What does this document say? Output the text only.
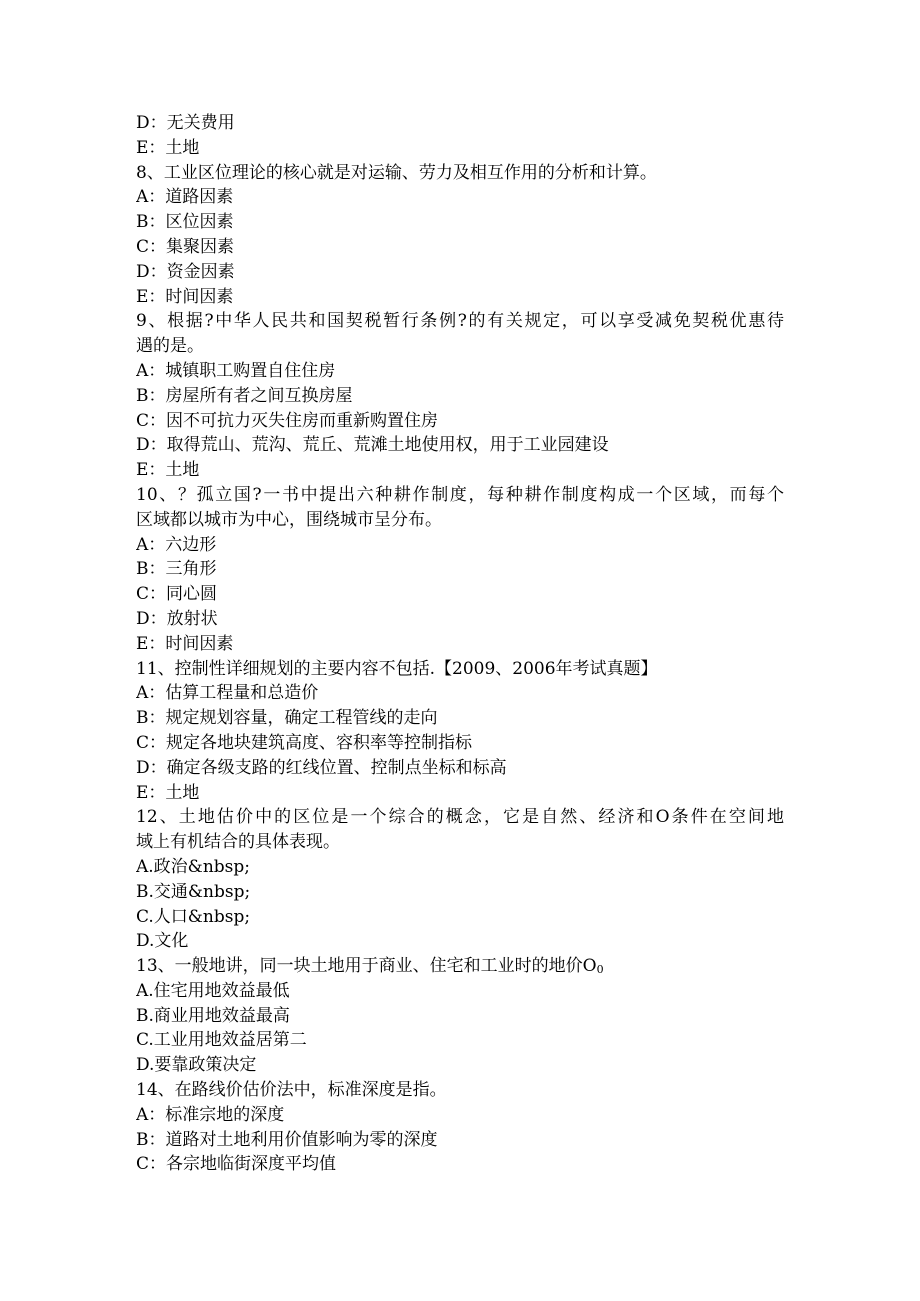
D：无关费用
E：土地
8、工业区位理论的核心就是对运输、劳力及相互作用的分析和计算。
A：道路因素
B：区位因素
C：集聚因素
D：资金因素
E：时间因素
9、根据?中华人民共和国契税暂行条例?的有关规定，可以享受减免契税优惠待
遇的是。
A：城镇职工购置自住住房
B：房屋所有者之间互换房屋
C：因不可抗力灭失住房而重新购置住房
D：取得荒山、荒沟、荒丘、荒滩土地使用权，用于工业园建设
E：土地
10、？孤立国?一书中提出六种耕作制度，每种耕作制度构成一个区域，而每个
区域都以城市为中心，围绕城市呈分布。
A：六边形
B：三角形
C：同心圆
D：放射状
E：时间因素
11、控制性详细规划的主要内容不包括.【2009、2006年考试真题】
A：估算工程量和总造价
B：规定规划容量，确定工程管线的走向
C：规定各地块建筑高度、容积率等控制指标
D：确定各级支路的红线位置、控制点坐标和标高
E：土地
12、土地估价中的区位是一个综合的概念，它是自然、经济和O条件在空间地
域上有机结合的具体表现。
A.政治&nbsp;
B.交通&nbsp;
C.人口&nbsp;
D.文化
13、一般地讲，同一块土地用于商业、住宅和工业时的地价$O_0$
A.住宅用地效益最低
B.商业用地效益最高
C.工业用地效益居第二
D.要靠政策决定
14、在路线价估价法中，标准深度是指。
A：标准宗地的深度
B：道路对土地利用价值影响为零的深度
C：各宗地临街深度平均值
